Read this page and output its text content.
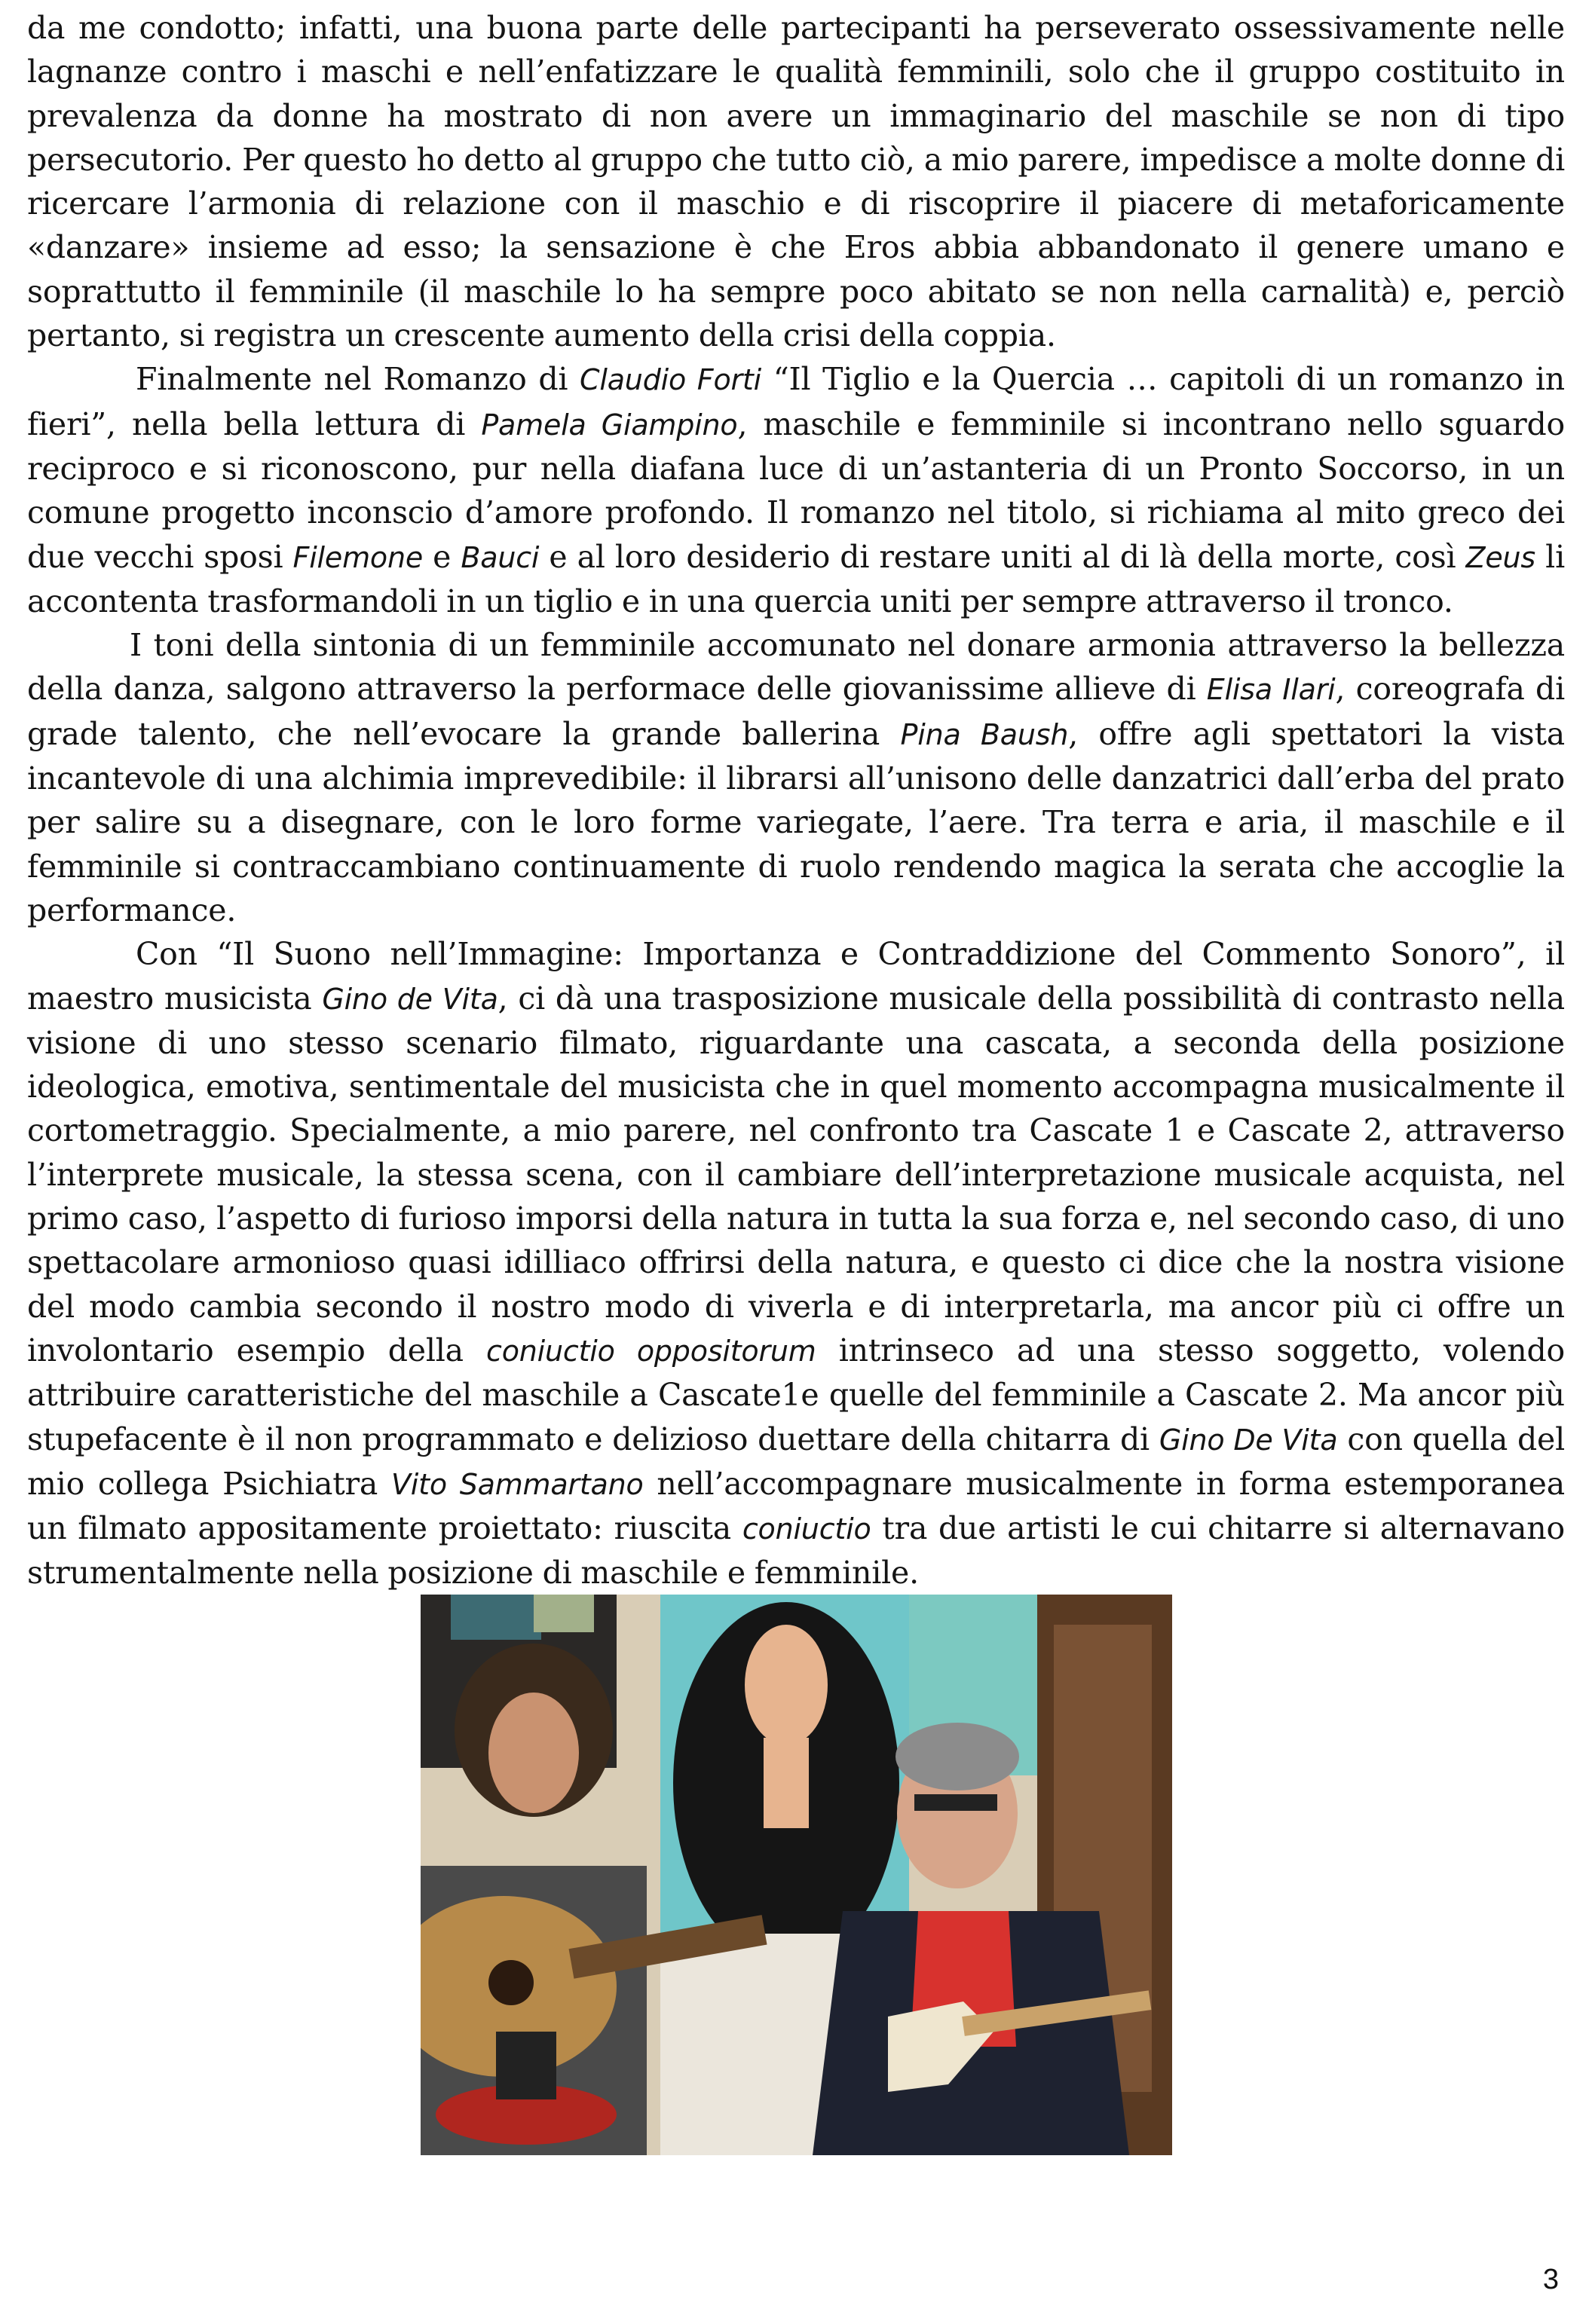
da me condotto; infatti, una buona parte delle partecipanti ha perseverato ossessivamente nelle lagnanze contro i maschi e nell’enfatizzare le qualità femminili, solo che il gruppo costituito in prevalenza da donne ha mostrato di non avere un immaginario del maschile se non di tipo persecutorio. Per questo ho detto al gruppo che tutto ciò, a mio parere, impedisce a molte donne di ricercare l’armonia di relazione con il maschio e di riscoprire il piacere di metaforicamente «danzare» insieme ad esso; la sensazione è che Eros abbia abbandonato il genere umano e soprattutto il femminile (il maschile lo ha sempre poco abitato se non nella carnalità) e, perciò pertanto, si registra un crescente aumento della crisi della coppia.

Finalmente nel Romanzo di Claudio Forti “Il Tiglio e la Quercia … capitoli di un romanzo in fieri”, nella bella lettura di Pamela Giampino, maschile e femminile si incontrano nello sguardo reciproco e si riconoscono, pur nella diafana luce di un’astanteria di un Pronto Soccorso, in un comune progetto inconscio d’amore profondo. Il romanzo nel titolo, si richiama al mito greco dei due vecchi sposi Filemone e Bauci e al loro desiderio di restare uniti al di là della morte, così Zeus li accontenta trasformandoli in un tiglio e in una quercia uniti per sempre attraverso il tronco.

I toni della sintonia di un femminile accomunato nel donare armonia attraverso la bellezza della danza, salgono attraverso la performace delle giovanissime allieve di Elisa Ilari, coreografa di grade talento, che nell’evocare la grande ballerina Pina Baush, offre agli spettatori la vista incantevole di una alchimia imprevedibile: il librarsi all’unisono delle danzatrici dall’erba del prato per salire su a disegnare, con le loro forme variegate, l’aere. Tra terra e aria, il maschile e il femminile si contraccambiano continuamente di ruolo rendendo magica la serata che accoglie la performance.

Con “Il Suono nell’Immagine: Importanza e Contraddizione del Commento Sonoro”, il maestro musicista Gino de Vita, ci dà una trasposizione musicale della possibilità di contrasto nella visione di uno stesso scenario filmato, riguardante una cascata, a seconda della posizione ideologica, emotiva, sentimentale del musicista che in quel momento accompagna musicalmente il cortometraggio. Specialmente, a mio parere, nel confronto tra Cascate 1 e Cascate 2, attraverso l’interprete musicale, la stessa scena, con il cambiare dell’interpretazione musicale acquista, nel primo caso, l’aspetto di furioso imporsi della natura in tutta la sua forza e, nel secondo caso, di uno spettacolare armonioso quasi idilliaco offrirsi della natura, e questo ci dice che la nostra visione del modo cambia secondo il nostro modo di viverla e di interpretarla, ma ancor più ci offre un involontario esempio della coniuctio oppositorum intrinseco ad una stesso soggetto, volendo attribuire caratteristiche del maschile a Cascate1e quelle del femminile a Cascate 2. Ma ancor più stupefacente è il non programmato e delizioso duettare della chitarra di Gino De Vita con quella del mio collega Psichiatra Vito Sammartano nell’accompagnare musicalmente in forma estemporanea un filmato appositamente proiettato: riuscita coniuctio tra due artisti le cui chitarre si alternavano strumentalmente nella posizione di maschile e femminile.

3
